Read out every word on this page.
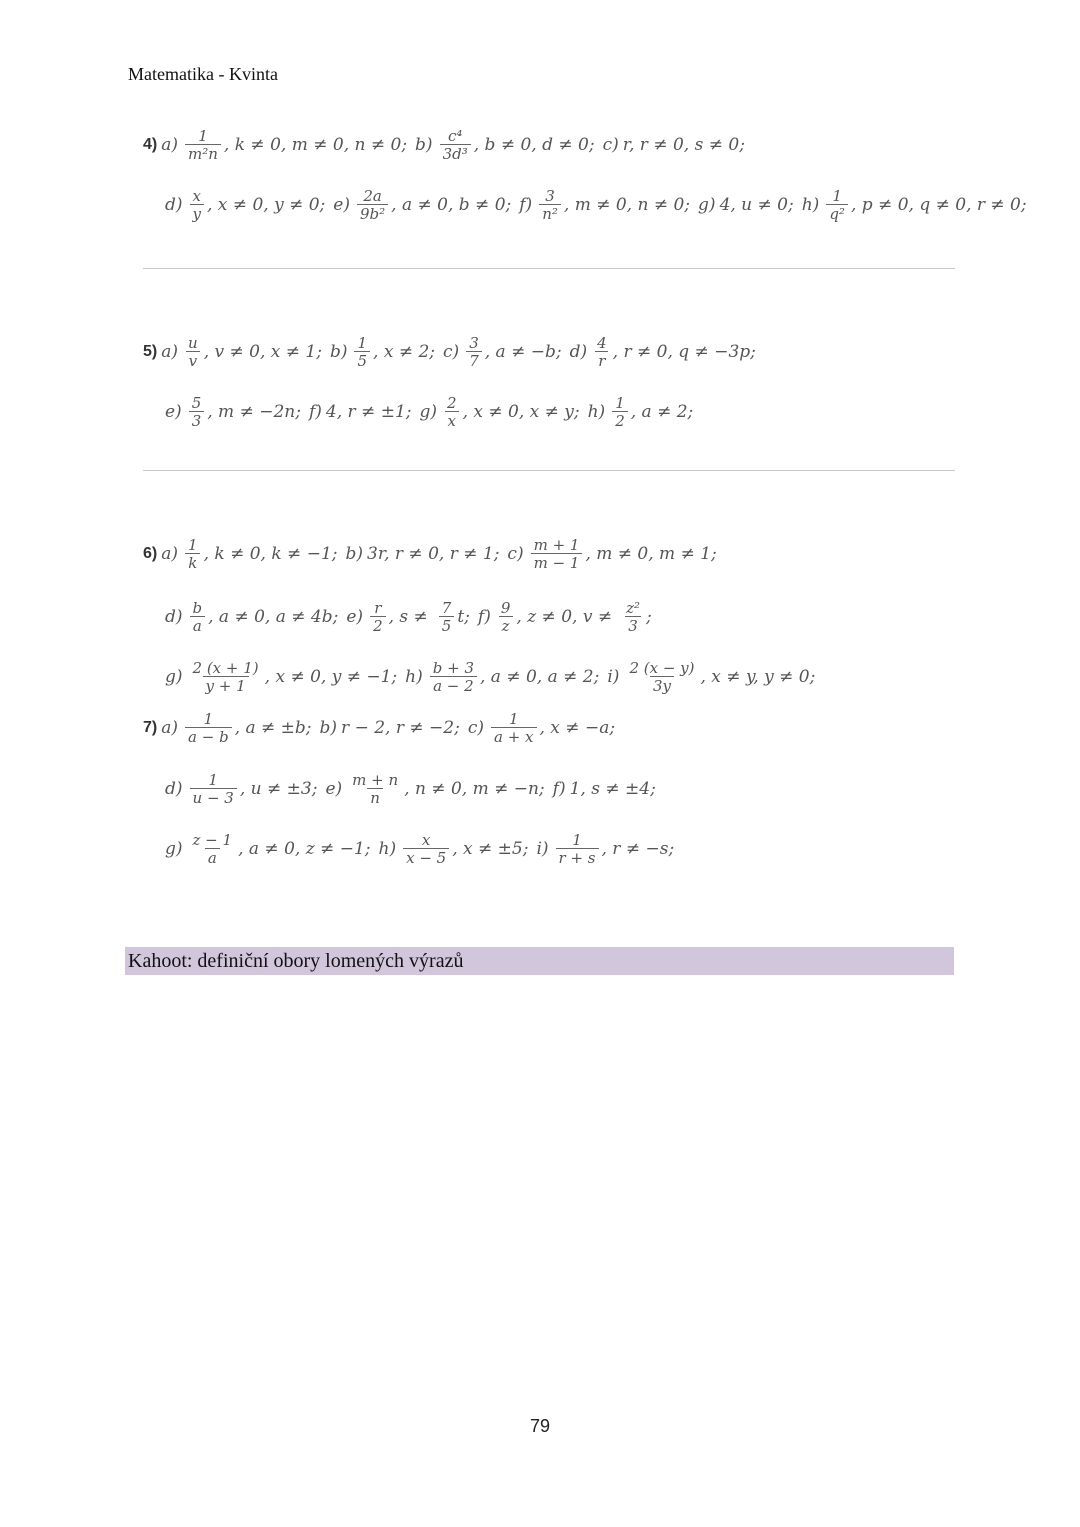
Matematika - Kvinta
4) $a) \frac{1}{\text{m²n}}$ , k ≠ 0, m ≠ 0, n ≠ 0; $b) \frac{\text{c⁴}}{\text{3d³}}$ , b ≠ 0, d ≠ 0; c) r, r ≠ 0, s ≠ 0;
$d) \frac{x}{y}$ , x ≠ 0, y ≠ 0; $e) \frac{2a}{\text{9b²}}$ , a ≠ 0, b ≠ 0; $f) \frac{3}{\text{n²}}$ , m ≠ 0, n ≠ 0; g) 4, u ≠ 0; $h) \frac{1}{\text{q²}}$ , p ≠ 0, q ≠ 0, r ≠ 0;
5) $a) \frac{u}{v}$ , v ≠ 0, x ≠ 1; $b) \frac{1}{5}$ , x ≠ 2; $c) \frac{3}{7}$ , a ≠ −b; $d) \frac{4}{r}$ , r ≠ 0, q ≠ −3p;
$e) \frac{5}{3}$ , m ≠ −2n; f) 4, r ≠ ±1; $g) \frac{2}{x}$ , x ≠ 0, x ≠ y; $h) \frac{1}{2}$ , a ≠ 2;
6) $a) \frac{1}{k}$ , k ≠ 0, k ≠ −1; b) 3r, r ≠ 0, r ≠ 1; $c) \frac{m + 1}{m - 1}$ , m ≠ 0, m ≠ 1;
$d) \frac{b}{a}$ , a ≠ 0, a ≠ 4b; $e) \frac{r}{2}$ , $s \ne \frac{7}{5} t$; $f) \frac{9}{z}$ , z ≠ 0, $v \ne \frac{\text{z²}}{3}$ ;
$g) \frac{2 (x + 1)}{y + 1}$ , x ≠ 0, y ≠ −1; $h) \frac{b + 3}{a - 2}$ , a ≠ 0, a ≠ 2; $i) \frac{2 (x - y)}{3y}$ , x ≠ y, y ≠ 0;
7) $a) \frac{1}{a - b}$ , a ≠ ±b; b) r − 2, r ≠ −2; $c) \frac{1}{a + x}$ , x ≠ −a;
$d) \frac{1}{u - 3}$ , u ≠ ±3; $e) \frac{m + n}{n}$ , n ≠ 0, m ≠ −n; f) 1, s ≠ ±4;
$g) \frac{z - 1}{a}$ , a ≠ 0, z ≠ −1; $h) \frac{x}{x - 5}$ , x ≠ ±5; $i) \frac{1}{r + s}$ , r ≠ −s;
Kahoot: definiční obory lomených výrazů
79
